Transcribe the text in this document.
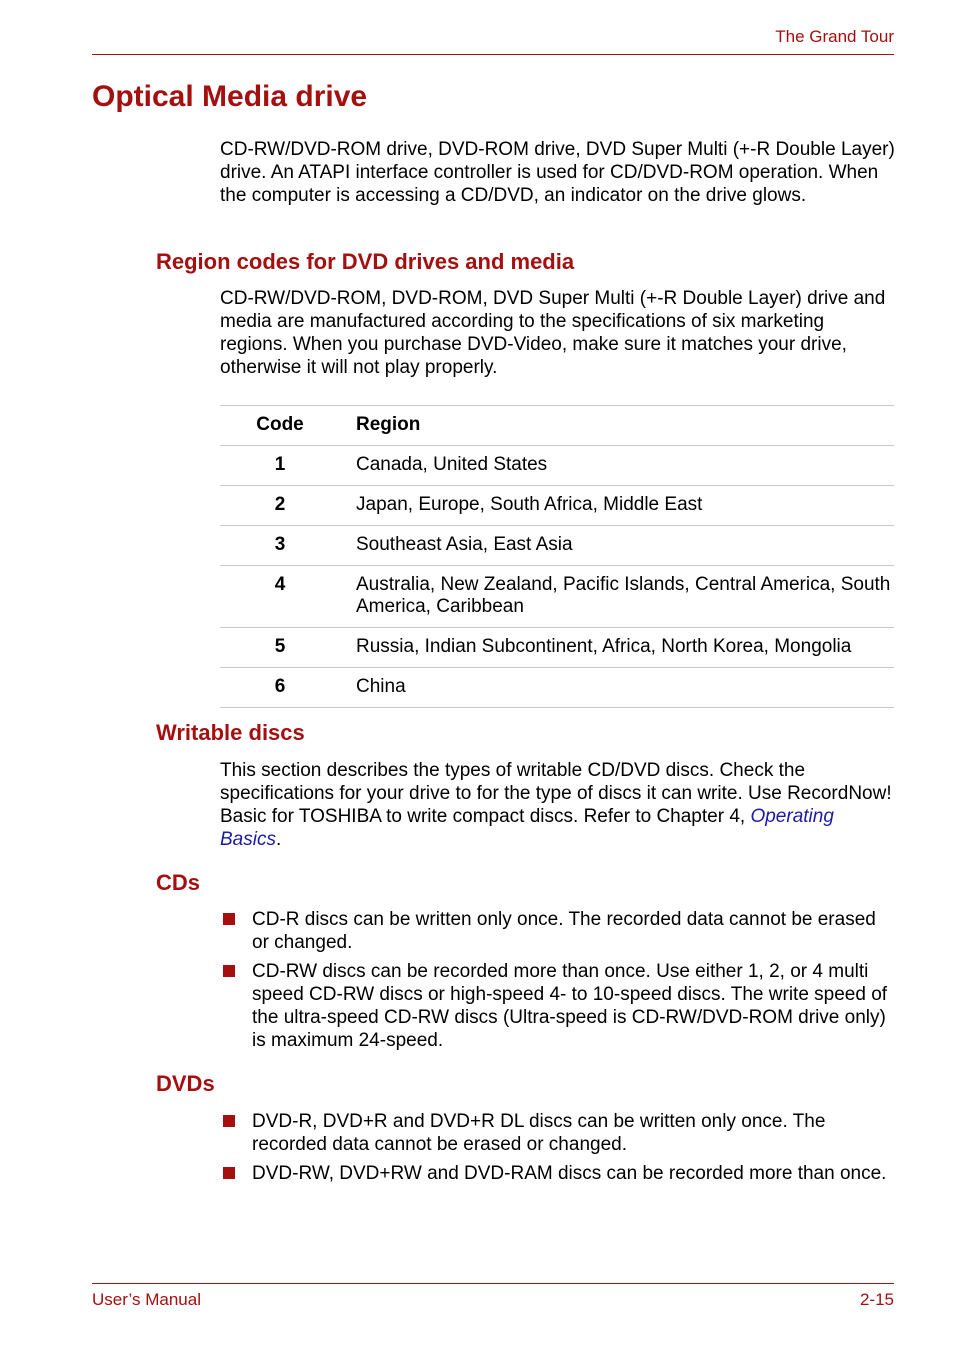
The Grand Tour
Optical Media drive

CD-RW/DVD-ROM drive, DVD-ROM drive, DVD Super Multi (+-R Double Layer) drive. An ATAPI interface controller is used for CD/DVD-ROM operation. When the computer is accessing a CD/DVD, an indicator on the drive glows.

Region codes for DVD drives and media

CD-RW/DVD-ROM, DVD-ROM, DVD Super Multi (+-R Double Layer) drive and media are manufactured according to the specifications of six marketing regions. When you purchase DVD-Video, make sure it matches your drive, otherwise it will not play properly.

Code	Region
1	Canada, United States
2	Japan, Europe, South Africa, Middle East
3	Southeast Asia, East Asia
4	Australia, New Zealand, Pacific Islands, Central America, South America, Caribbean
5	Russia, Indian Subcontinent, Africa, North Korea, Mongolia
6	China
Writable discs

This section describes the types of writable CD/DVD discs. Check the specifications for your drive to for the type of discs it can write. Use RecordNow! Basic for TOSHIBA to write compact discs. Refer to Chapter 4, Operating Basics.

CDs
CD-R discs can be written only once. The recorded data cannot be erased or changed.
CD-RW discs can be recorded more than once. Use either 1, 2, or 4 multi speed CD-RW discs or high-speed 4- to 10-speed discs. The write speed of the ultra-speed CD-RW discs (Ultra-speed is CD-RW/DVD-ROM drive only) is maximum 24-speed.
DVDs
DVD-R, DVD+R and DVD+R DL discs can be written only once. The recorded data cannot be erased or changed.
DVD-RW, DVD+RW and DVD-RAM discs can be recorded more than once.
User’s Manual	2-15
